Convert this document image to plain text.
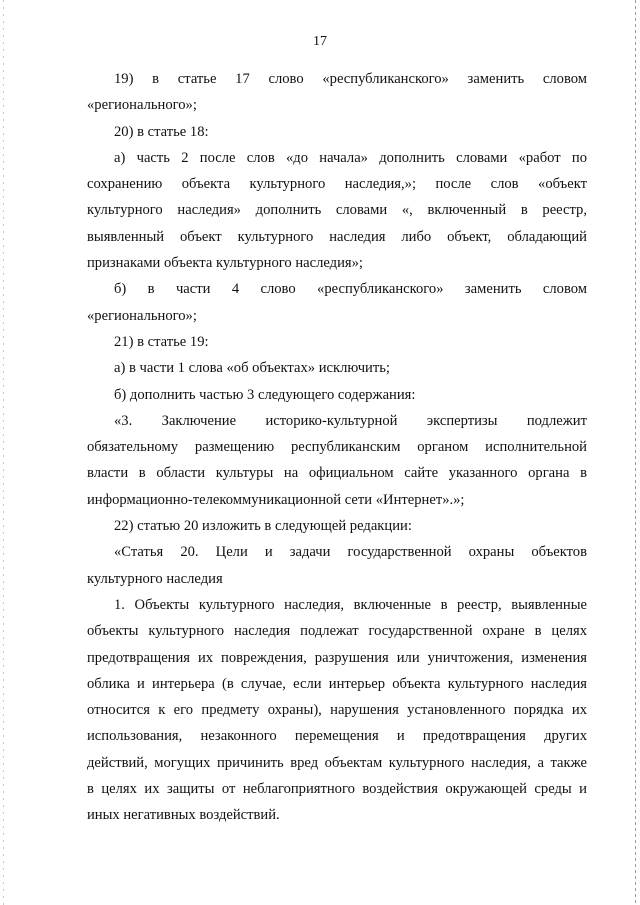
17
19) в статье 17 слово «республиканского» заменить словом
«регионального»;
20) в статье 18:
а) часть 2 после слов «до начала» дополнить словами «работ по
сохранению объекта культурного наследия,»; после слов «объект
культурного наследия» дополнить словами «, включенный в реестр,
выявленный объект культурного наследия либо объект, обладающий
признаками объекта культурного наследия»;
б) в части 4 слово «республиканского» заменить словом
«регионального»;
21) в статье 19:
а) в части 1 слова «об объектах» исключить;
б) дополнить частью 3 следующего содержания:
«3. Заключение историко-культурной экспертизы подлежит
обязательному размещению республиканским органом исполнительной
власти в области культуры на официальном сайте указанного органа в
информационно-телекоммуникационной сети «Интернет».»;
22) статью 20 изложить в следующей редакции:
«Статья 20. Цели и задачи государственной охраны объектов
культурного наследия
1. Объекты культурного наследия, включенные в реестр, выявленные
объекты культурного наследия подлежат государственной охране в целях
предотвращения их повреждения, разрушения или уничтожения, изменения
облика и интерьера (в случае, если интерьер объекта культурного наследия
относится к его предмету охраны), нарушения установленного порядка их
использования, незаконного перемещения и предотвращения других
действий, могущих причинить вред объектам культурного наследия, а также
в целях их защиты от неблагоприятного воздействия окружающей среды и
иных негативных воздействий.
